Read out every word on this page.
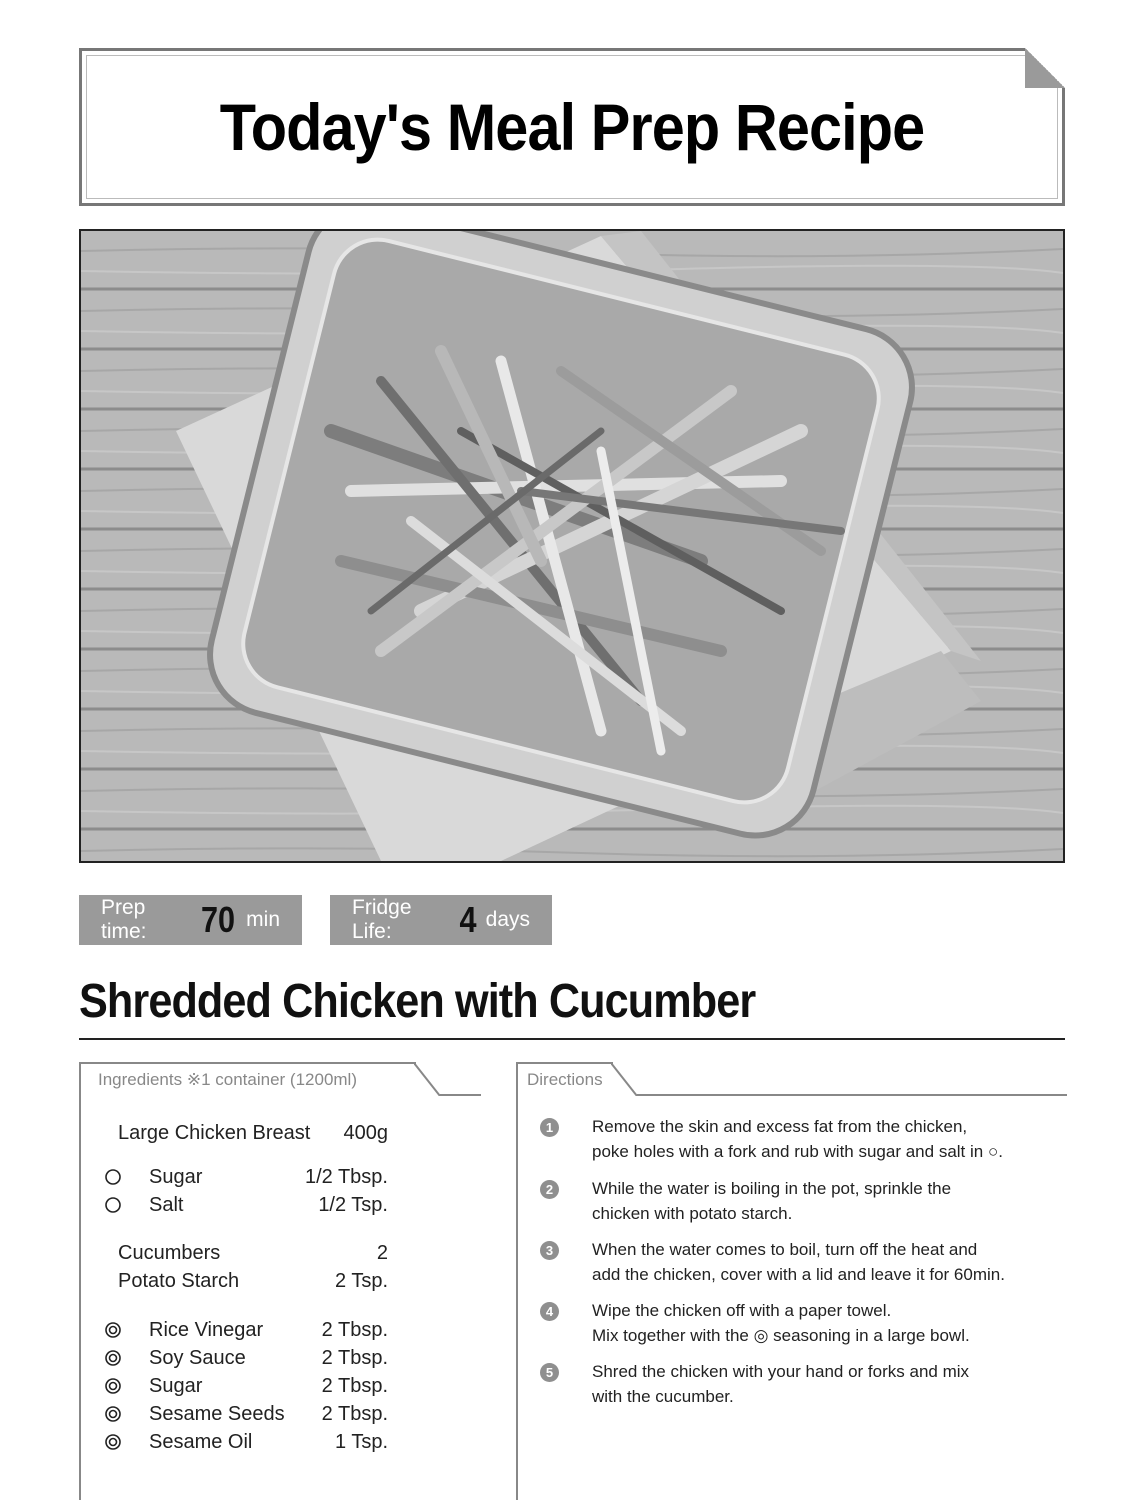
Today's Meal Prep Recipe
Prep time:	70 min
Fridge Life:	4 days
Shredded Chicken with Cucumber
Ingredients ※1 container (1200ml)
Large Chicken Breast 400g
Sugar	1/2 Tbsp.
Salt	1/2 Tsp.
Cucumbers	2
Potato Starch	2 Tsp.
Rice Vinegar	2 Tbsp.
Soy Sauce	2 Tbsp.
Sugar	2 Tbsp.
Sesame Seeds 2 Tbsp.
Sesame Oil	1 Tsp.
Directions
1	Remove the skin and excess fat from the chicken,
poke holes with a fork and rub with sugar and salt in ○.
2	While the water is boiling in the pot, sprinkle the
chicken with potato starch.
3	When the water comes to boil, turn off the heat and
add the chicken, cover with a lid and leave it for 60min.
4	Wipe the chicken off with a paper towel.
Mix together with the ◎ seasoning in a large bowl.
5	Shred the chicken with your hand or forks and mix
with the cucumber.
